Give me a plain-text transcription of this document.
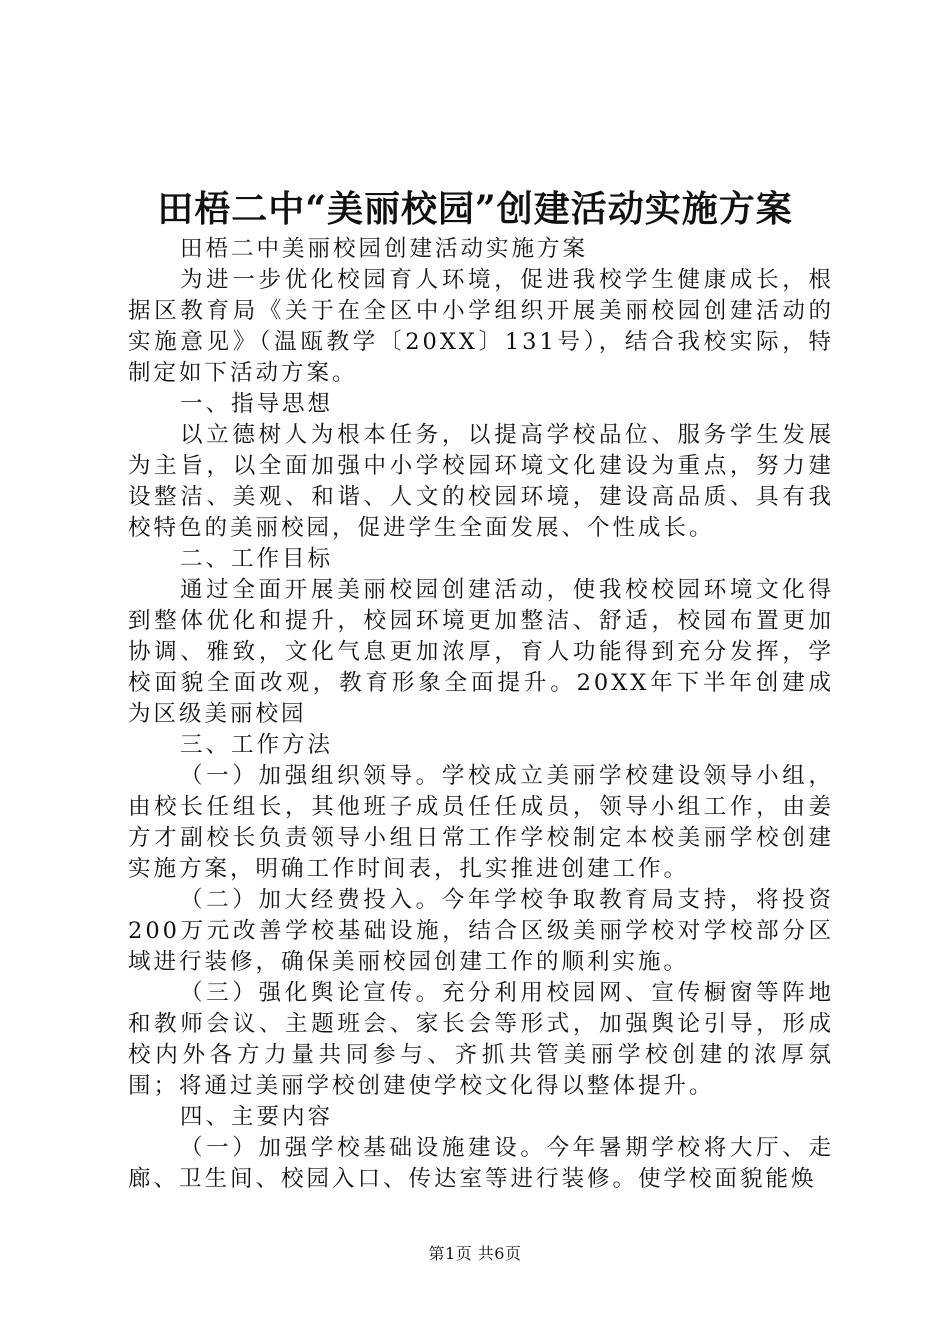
田梧二中“美丽校园”创建活动实施方案

田梧二中美丽校园创建活动实施方案

为进一步优化校园育人环境，促进我校学生健康成长，根据区教育局《关于在全区中小学组织开展美丽校园创建活动的实施意见》（温瓯教学〔20XX〕131号），结合我校实际，特制定如下活动方案。

一、指导思想

以立德树人为根本任务，以提高学校品位、服务学生发展为主旨，以全面加强中小学校园环境文化建设为重点，努力建设整洁、美观、和谐、人文的校园环境，建设高品质、具有我校特色的美丽校园，促进学生全面发展、个性成长。

二、工作目标

通过全面开展美丽校园创建活动，使我校校园环境文化得到整体优化和提升，校园环境更加整洁、舒适，校园布置更加协调、雅致，文化气息更加浓厚，育人功能得到充分发挥，学校面貌全面改观，教育形象全面提升。20XX年下半年创建成为区级美丽校园

三、工作方法

（一）加强组织领导。学校成立美丽学校建设领导小组，由校长任组长，其他班子成员任任成员，领导小组工作，由姜方才副校长负责领导小组日常工作学校制定本校美丽学校创建实施方案，明确工作时间表，扎实推进创建工作。

（二）加大经费投入。今年学校争取教育局支持，将投资200万元改善学校基础设施，结合区级美丽学校对学校部分区域进行装修，确保美丽校园创建工作的顺利实施。

（三）强化舆论宣传。充分利用校园网、宣传橱窗等阵地和教师会议、主题班会、家长会等形式，加强舆论引导，形成校内外各方力量共同参与、齐抓共管美丽学校创建的浓厚氛围；将通过美丽学校创建使学校文化得以整体提升。

四、主要内容

（一）加强学校基础设施建设。今年暑期学校将大厅、走廊、卫生间、校园入口、传达室等进行装修。使学校面貌能焕

第1页 共6页
